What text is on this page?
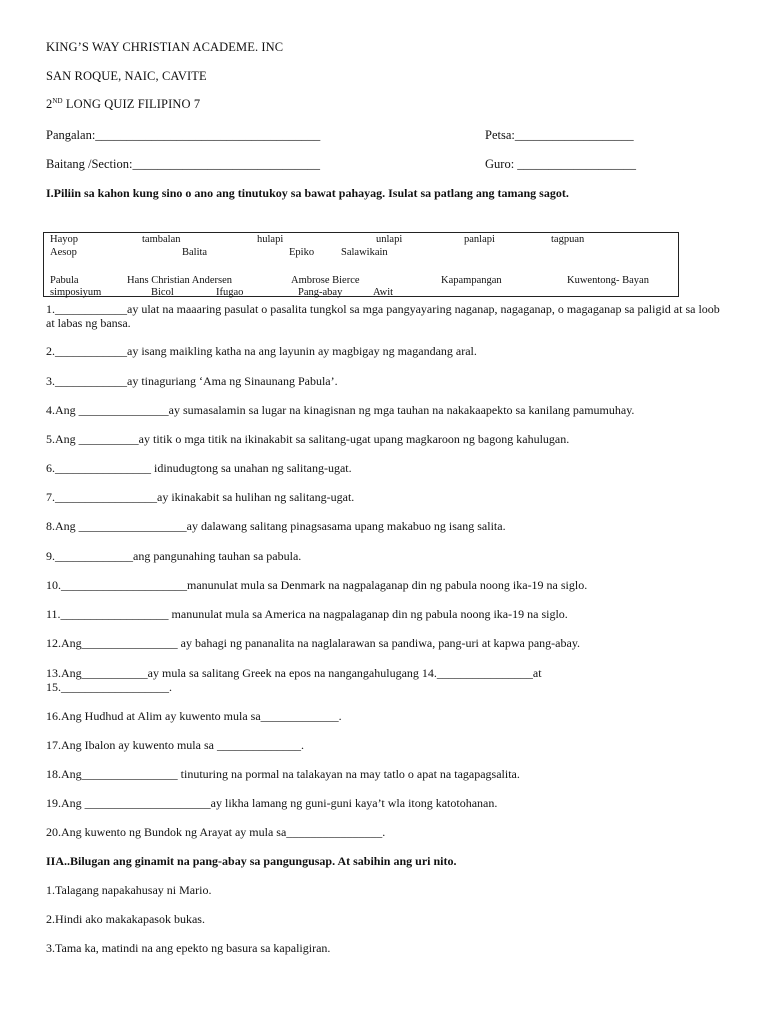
KING’S WAY CHRISTIAN ACADEME. INC
SAN ROQUE, NAIC, CAVITE
2ND LONG QUIZ FILIPINO 7
Pangalan:____________________________________	Petsa:___________________
Baitang /Section:______________________________	Guro: ___________________
I.Piliin sa kahon kung sino o ano ang tinutukoy sa bawat pahayag. Isulat sa patlang ang tamang sagot.
Hayop	tambalan	hulapi	unlapi	panlapi	tagpuan
Aesop	Balita	Epiko	Salawikain
Pabula	Hans Christian Andersen	Ambrose Bierce	Kapampangan	Kuwentong- Bayan
simposiyum	Bicol	Ifugao	Pang-abay	Awit
1.____________ay ulat na maaaring pasulat o pasalita tungkol sa mga pangyayaring naganap, nagaganap, o magaganap sa paligid at sa loob at labas ng bansa.
2.____________ay isang maikling katha na ang layunin ay magbigay ng magandang aral.
3.____________ay tinaguriang ‘Ama ng Sinaunang Pabula’.
4.Ang _______________ay sumasalamin sa lugar na kinagisnan ng mga tauhan na nakakaapekto sa kanilang pamumuhay.
5.Ang __________ay titik o mga titik na ikinakabit sa salitang-ugat upang magkaroon ng bagong kahulugan.
6.________________ idinudugtong sa unahan ng salitang-ugat.
7._________________ay ikinakabit sa hulihan ng salitang-ugat.
8.Ang __________________ay dalawang salitang pinagsasama upang makabuo ng isang salita.
9._____________ang pangunahing tauhan sa pabula.
10._____________________manunulat mula sa Denmark na nagpalaganap din ng pabula noong ika-19 na siglo.
11.__________________ manunulat mula sa America na nagpalaganap din ng pabula noong ika-19 na siglo.
12.Ang________________ ay bahagi ng pananalita na naglalarawan sa pandiwa, pang-uri at kapwa pang-abay.
13.Ang___________ay mula sa salitang Greek na epos na nangangahulugang 14.________________at 15.__________________.
16.Ang Hudhud at Alim ay kuwento mula sa_____________.
17.Ang Ibalon ay kuwento mula sa ______________.
18.Ang________________ tinuturing na pormal na talakayan na may tatlo o apat na tagapagsalita.
19.Ang _____________________ay likha lamang ng guni-guni kaya’t wla itong katotohanan.
20.Ang kuwento ng Bundok ng Arayat ay mula sa________________.
IIA..Bilugan ang ginamit na pang-abay sa pangungusap. At sabihin ang uri nito.
1.Talagang napakahusay ni Mario.
2.Hindi ako makakapasok bukas.
3.Tama ka, matindi na ang epekto ng basura sa kapaligiran.
